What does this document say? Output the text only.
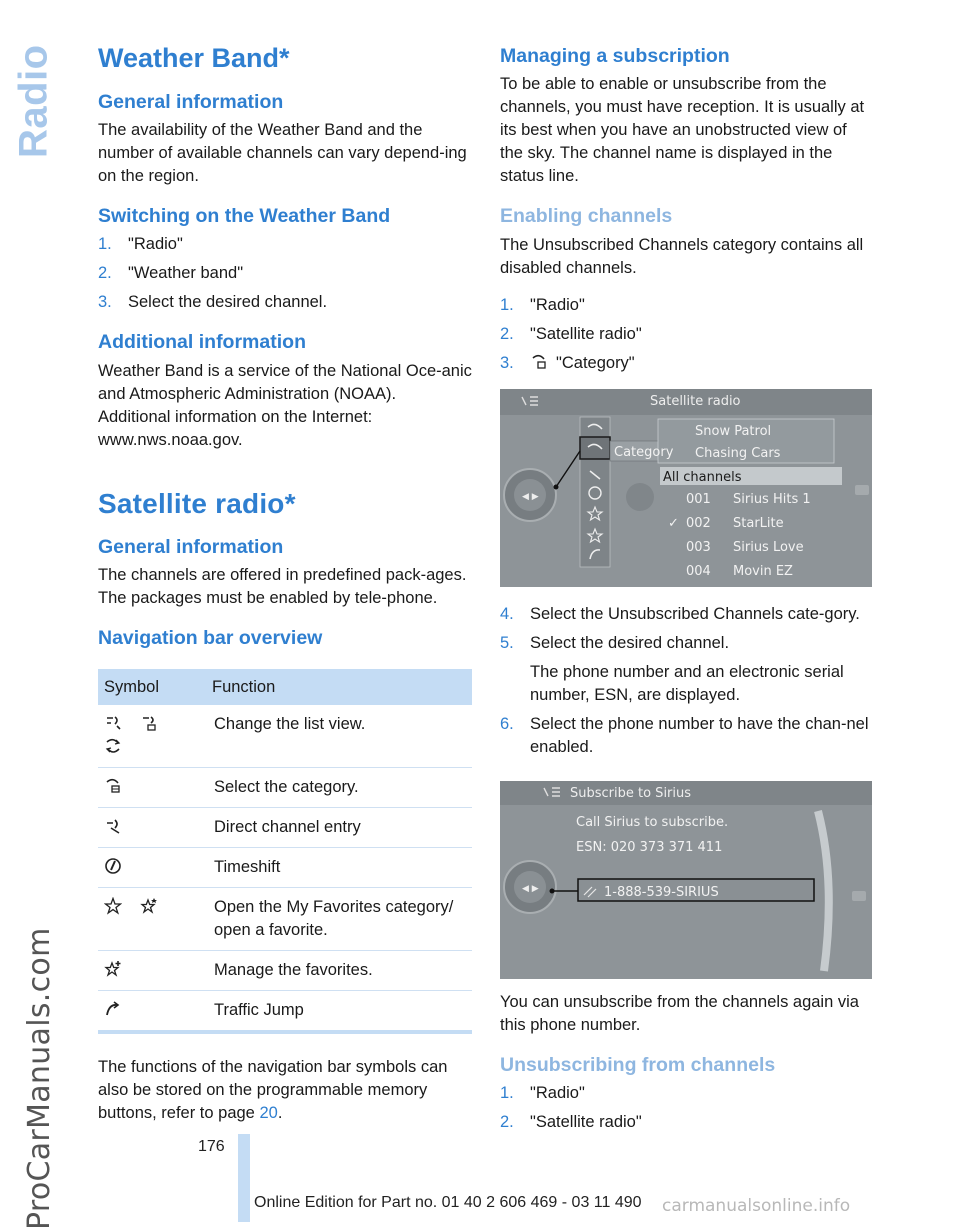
Radio
ProCarManuals.com
Weather Band*
General information

The availability of the Weather Band and the number of available channels can vary depend-ing on the region.

Switching on the Weather Band
1. "Radio"
2. "Weather band"
3. Select the desired channel.
Additional information

Weather Band is a service of the National Oce-anic and Atmospheric Administration (NOAA). Additional information on the Internet: www.nws.noaa.gov.

Satellite radio*
General information

The channels are offered in predefined pack-ages. The packages must be enabled by tele-phone.

Navigation bar overview
Symbol	Function
	Change the list view.
	Select the category.
	Direct channel entry
	Timeshift
	Open the My Favorites category/ open a favorite.
	Manage the favorites.
	Traffic Jump

The functions of the navigation bar symbols can also be stored on the programmable memory buttons, refer to page 20.

Managing a subscription

To be able to enable or unsubscribe from the channels, you must have reception. It is usually at its best when you have an unobstructed view of the sky. The channel name is displayed in the status line.

Enabling channels

The Unsubscribed Channels category contains all disabled channels.

1. "Radio"
2. "Satellite radio"
3.	"Category"
◀ ▶
Satellite radio
Category
Snow Patrol
Chasing Cars
All channels
001 Sirius Hits 1
✓ 002 StarLite
003 Sirius Love
004 Movin EZ
4. Select the Unsubscribed Channels cate-gory.
5. Select the desired channel.
The phone number and an electronic serial number, ESN, are displayed.
6. Select the phone number to have the chan-nel enabled.
◀ ▶
Subscribe to Sirius
Call Sirius to subscribe.
ESN: 020 373 371 411
1-888-539-SIRIUS

You can unsubscribe from the channels again via this phone number.

Unsubscribing from channels
1. "Radio"
2. "Satellite radio"
176
Online Edition for Part no. 01 40 2 606 469 - 03 11 490 carmanualsonline.info
